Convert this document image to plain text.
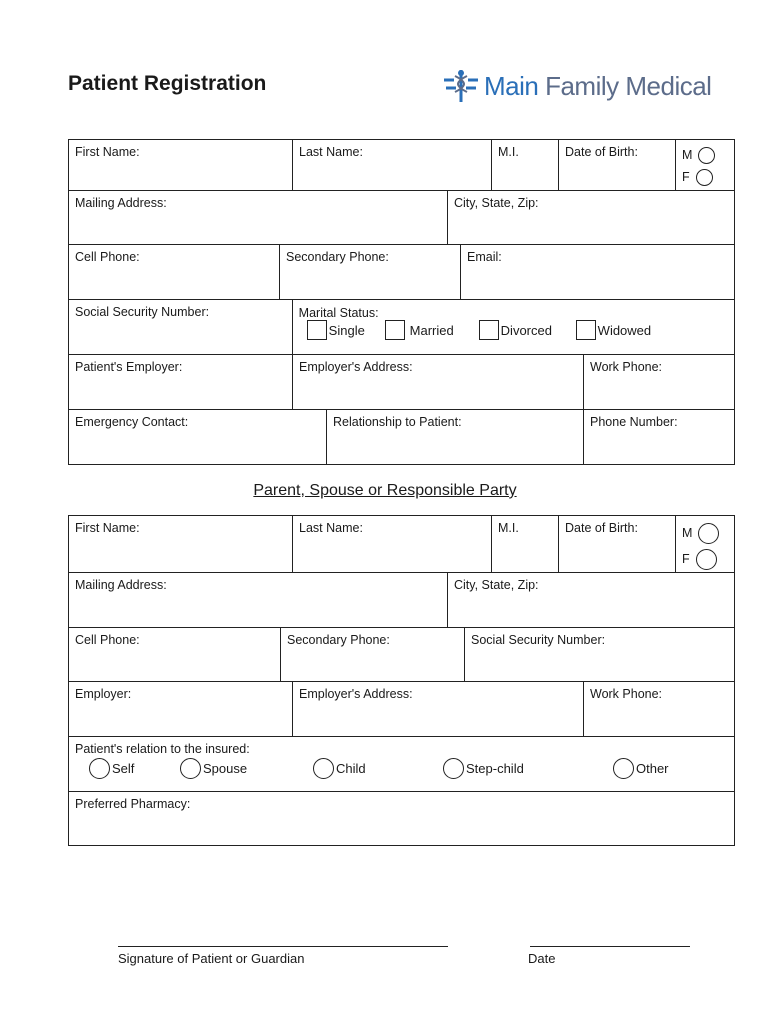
Patient Registration	Main Family Medical
First Name:	Last Name:	M.I.	Date of Birth:	M
F
Mailing Address:	City, State, Zip:
Cell Phone:	Secondary Phone:	Email:
Social Security Number:	Marital Status:
Single	Married	Divorced	Widowed
Patient's Employer:	Employer's Address:	Work Phone:
Emergency Contact:	Relationship to Patient:	Phone Number:
Parent, Spouse or Responsible Party
First Name:	Last Name:	M.I.	Date of Birth:	M
F
Mailing Address:	City, State, Zip:
Cell Phone:	Secondary Phone:	Social Security Number:
Employer:	Employer's Address:	Work Phone:
Patient's relation to the insured:
Self	Spouse	Child	Step-child	Other
Preferred Pharmacy:
Signature of Patient or Guardian	Date
